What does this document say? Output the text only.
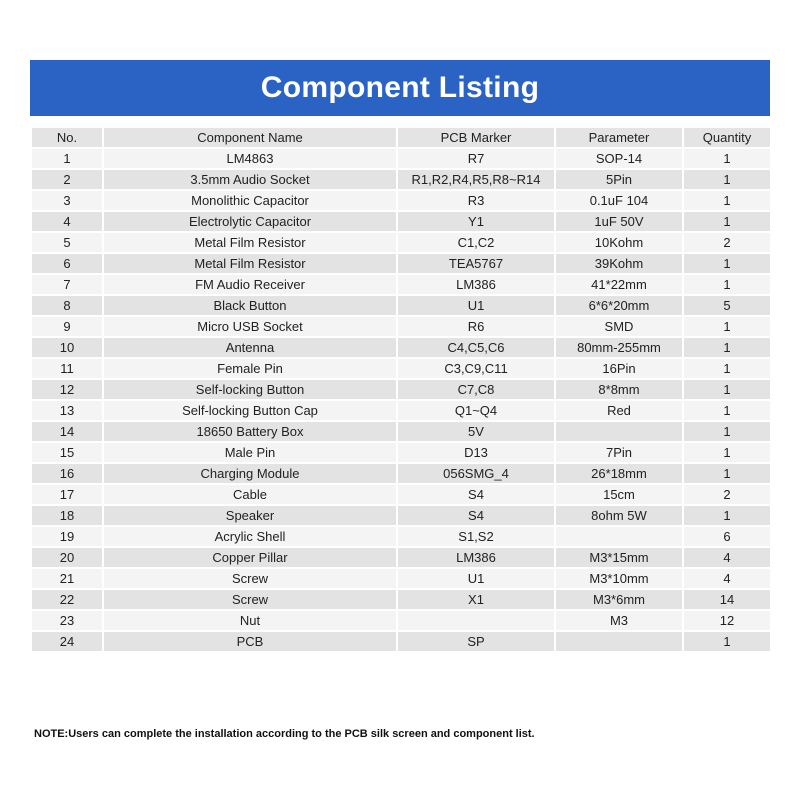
Component Listing
No.	Component Name	PCB Marker	Parameter	Quantity
1	LM4863	R7	SOP-14	1
2	3.5mm Audio Socket	R1,R2,R4,R5,R8~R14	5Pin	1
3	Monolithic Capacitor	R3	0.1uF 104	1
4	Electrolytic Capacitor	Y1	1uF 50V	1
5	Metal Film Resistor	C1,C2	10Kohm	2
6	Metal Film Resistor	TEA5767	39Kohm	1
7	FM Audio Receiver	LM386	41*22mm	1
8	Black Button	U1	6*6*20mm	5
9	Micro USB Socket	R6	SMD	1
10	Antenna	C4,C5,C6	80mm-255mm	1
11	Female Pin	C3,C9,C11	16Pin	1
12	Self-locking Button	C7,C8	8*8mm	1
13	Self-locking Button Cap	Q1~Q4	Red	1
14	18650 Battery Box	5V		1
15	Male Pin	D13	7Pin	1
16	Charging Module	056SMG_4	26*18mm	1
17	Cable	S4	15cm	2
18	Speaker	S4	8ohm 5W	1
19	Acrylic Shell	S1,S2		6
20	Copper Pillar	LM386	M3*15mm	4
21	Screw	U1	M3*10mm	4
22	Screw	X1	M3*6mm	14
23	Nut		M3	12
24	PCB	SP		1
NOTE:Users can complete the installation according to the PCB silk screen and component list.
